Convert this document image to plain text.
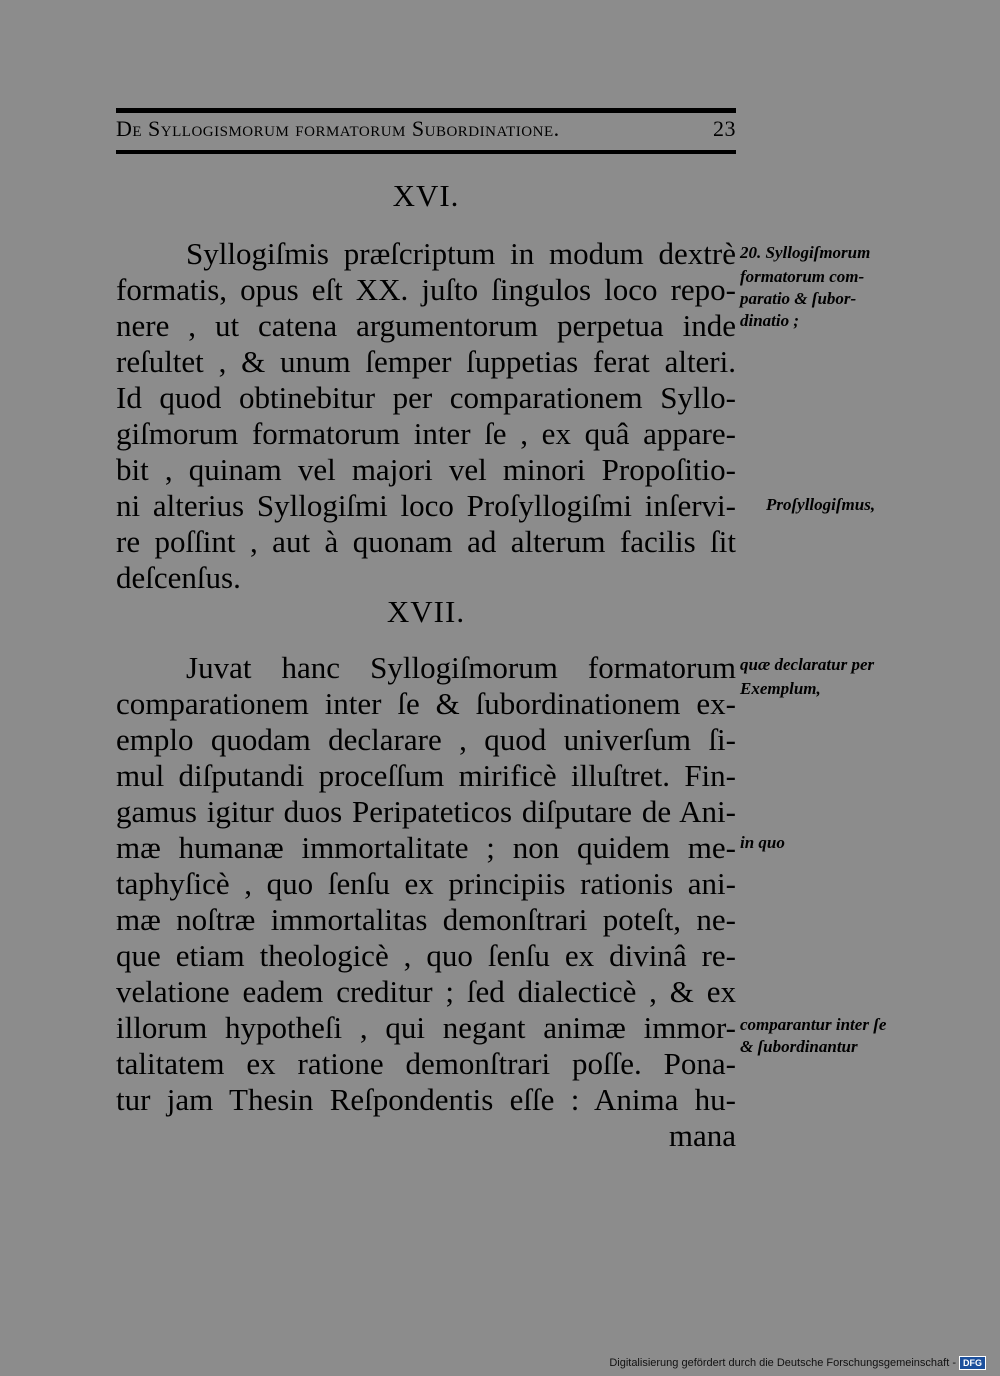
De Syllogismorum formatorum Subordinatione.	23
XVI.
Syllogiſmis præſcriptum in modum dextrè
formatis, opus eſt XX. juſto ſingulos loco repo-
nere , ut catena argumentorum perpetua inde
reſultet , & unum ſemper ſuppetias ferat alteri.
Id quod obtinebitur per comparationem Syllo-
giſmorum formatorum inter ſe , ex quâ appare-
bit , quinam vel majori vel minori Propoſitio-
ni alterius Syllogiſmi loco Proſyllogiſmi inſervi-
re poſſint , aut à quonam ad alterum facilis ſit
deſcenſus.
XVII.
Juvat hanc Syllogiſmorum formatorum
comparationem inter ſe & ſubordinationem ex-
emplo quodam declarare , quod univerſum ſi-
mul diſputandi proceſſum mirificè illuſtret. Fin-
gamus igitur duos Peripateticos diſputare de Ani-
mæ humanæ immortalitate ; non quidem me-
taphyſicè , quo ſenſu ex principiis rationis ani-
mæ noſtræ immortalitas demonſtrari poteſt, ne-
que etiam theologicè , quo ſenſu ex divinâ re-
velatione eadem creditur ; ſed dialecticè , & ex
illorum hypotheſi , qui negant animæ immor-
talitatem ex ratione demonſtrari poſſe. Pona-
tur jam Thesin Reſpondentis eſſe : Anima hu-
mana
20. Syllogiſmorum
formatorum com-
paratio & ſubor-
dinatio ;
Proſyllogiſmus,
quæ declaratur per
Exemplum,
in quo
comparantur inter ſe
& ſubordinantur
Digitalisierung gefördert durch die Deutsche Forschungsgemeinschaft - DFG
